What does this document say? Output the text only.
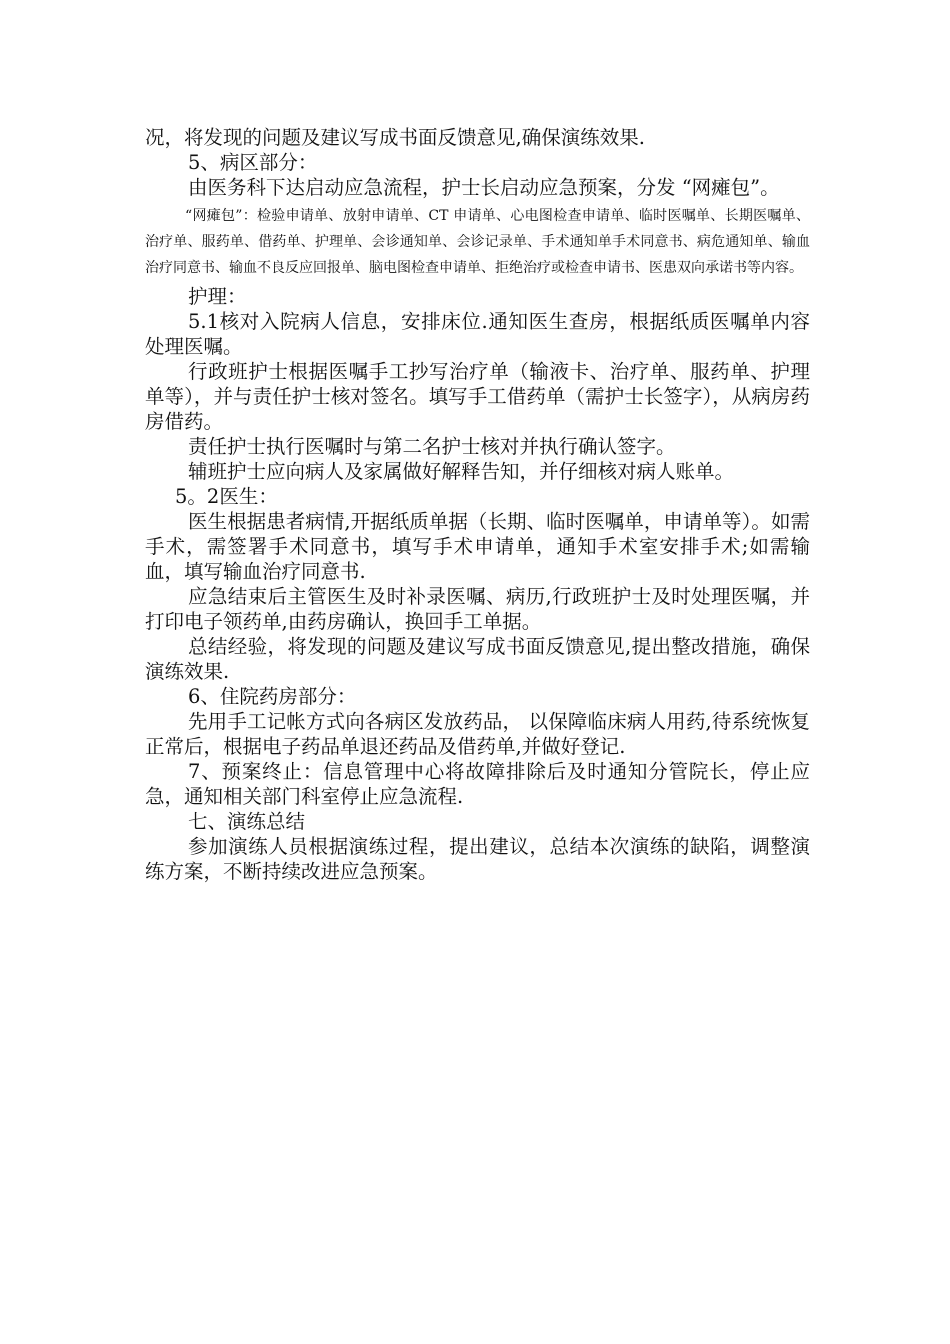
况，将发现的问题及建议写成书面反馈意见,确保演练效果.

5、病区部分：

由医务科下达启动应急流程，护士长启动应急预案，分发 “网瘫包”。

“网瘫包”：检验申请单、放射申请单、CT 申请单、心电图检查申请单、临时医嘱单、长期医嘱单、治疗单、服药单、借药单、护理单、会诊通知单、会诊记录单、手术通知单手术同意书、病危通知单、输血治疗同意书、输血不良反应回报单、脑电图检查申请单、拒绝治疗或检查申请书、医患双向承诺书等内容。

护理：

5.1核对入院病人信息，安排床位.通知医生查房，根据纸质医嘱单内容处理医嘱。

行政班护士根据医嘱手工抄写治疗单（输液卡、治疗单、服药单、护理单等），并与责任护士核对签名。填写手工借药单（需护士长签字），从病房药房借药。

责任护士执行医嘱时与第二名护士核对并执行确认签字。

辅班护士应向病人及家属做好解释告知，并仔细核对病人账单。

5。2医生：

医生根据患者病情,开据纸质单据（长期、临时医嘱单，申请单等）。如需手术，需签署手术同意书，填写手术申请单，通知手术室安排手术;如需输血，填写输血治疗同意书.

应急结束后主管医生及时补录医嘱、病历,行政班护士及时处理医嘱，并打印电子领药单,由药房确认，换回手工单据。

总结经验，将发现的问题及建议写成书面反馈意见,提出整改措施，确保演练效果.

6、住院药房部分：

先用手工记帐方式向各病区发放药品， 以保障临床病人用药,待系统恢复正常后，根据电子药品单退还药品及借药单,并做好登记.

7、预案终止：信息管理中心将故障排除后及时通知分管院长，停止应急，通知相关部门科室停止应急流程.

七、演练总结

参加演练人员根据演练过程，提出建议，总结本次演练的缺陷，调整演练方案，不断持续改进应急预案。
